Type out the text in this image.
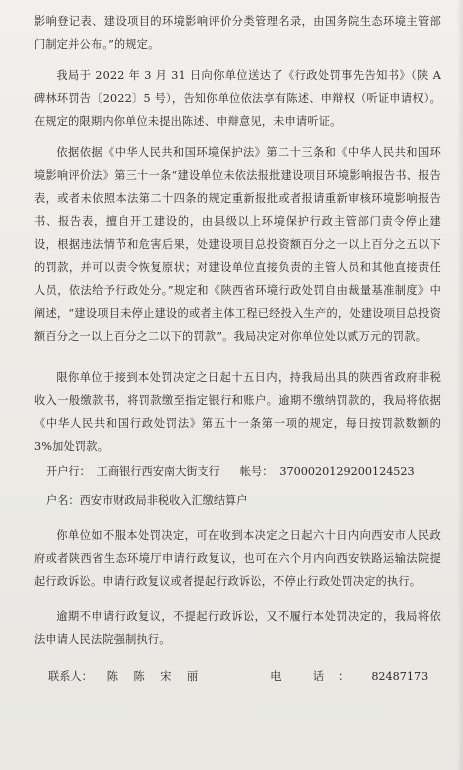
影响登记表、建设项目的环境影响评价分类管理名录，由国务院生态环境主管部门制定并公布。”的规定。

我局于 2022 年 3 月 31 日向你单位送达了《行政处罚事先告知书》（陕 A 碑林环罚告〔2022〕5 号），告知你单位依法享有陈述、申辩权（听证申请权）。在规定的限期内你单位未提出陈述、申辩意见，未申请听证。

依据依据《中华人民共和国环境保护法》第二十三条和《中华人民共和国环境影响评价法》第三十一条“建设单位未依法报批建设项目环境影响报告书、报告表，或者未依照本法第二十四条的规定重新报批或者报请重新审核环境影响报告书、报告表，擅自开工建设的，由县级以上环境保护行政主管部门责令停止建设，根据违法情节和危害后果，处建设项目总投资额百分之一以上百分之五以下的罚款，并可以责令恢复原状；对建设单位直接负责的主管人员和其他直接责任人员，依法给予行政处分。”规定和《陕西省环境行政处罚自由裁量基准制度》中阐述，“建设项目未停止建设的或者主体工程已经投入生产的，处建设项目总投资额百分之一以上百分之二以下的罚款”。我局决定对你单位处以贰万元的罚款。

限你单位于接到本处罚决定之日起十五日内，持我局出具的陕西省政府非税收入一般缴款书，将罚款缴至指定银行和账户。逾期不缴纳罚款的，我局将依据《中华人民共和国行政处罚法》第五十一条第一项的规定，每日按罚款数额的 3%加处罚款。

开户行： 工商银行西安南大街支行 帐号： 3700020129200124523
户名：西安市财政局非税收入汇缴结算户

你单位如不服本处罚决定，可在收到本决定之日起六十日内向西安市人民政府或者陕西省生态环境厅申请行政复议，也可在六个月内向西安铁路运输法院提起行政诉讼。申请行政复议或者提起行政诉讼，不停止行政处罚决定的执行。

逾期不申请行政复议，不提起行政诉讼，又不履行本处罚决定的，我局将依法申请人民法院强制执行。

联系人： 陈 陈 宋 丽	电 话： 82487173
